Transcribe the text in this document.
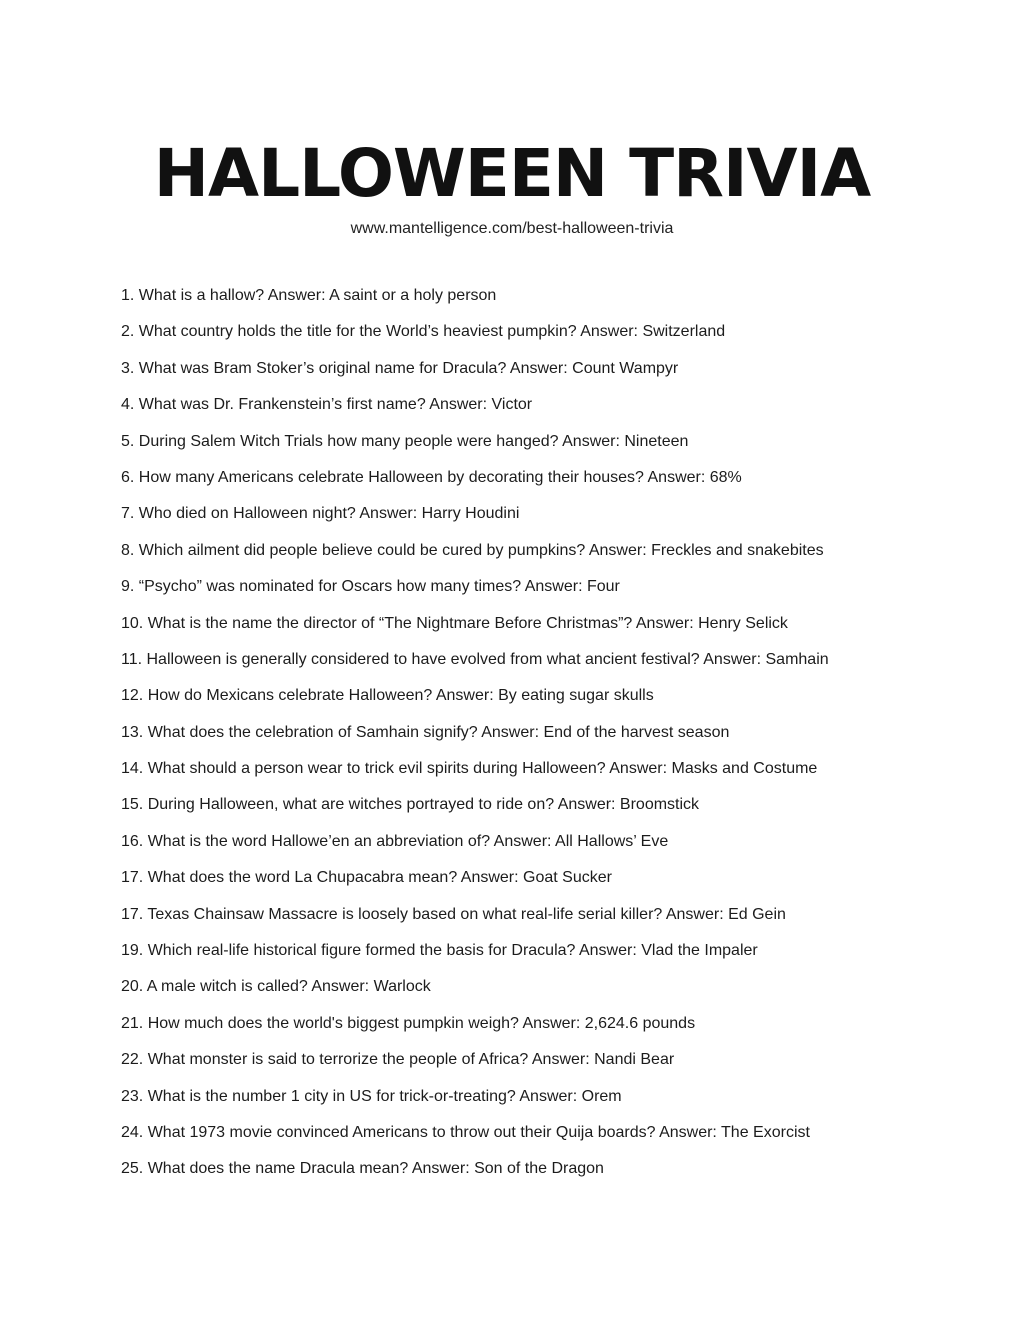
HALLOWEEN TRIVIA
www.mantelligence.com/best-halloween-trivia
1. What is a hallow? Answer: A saint or a holy person
2. What country holds the title for the World’s heaviest pumpkin? Answer: Switzerland
3. What was Bram Stoker’s original name for Dracula? Answer: Count Wampyr
4. What was Dr. Frankenstein’s first name? Answer: Victor
5. During Salem Witch Trials how many people were hanged? Answer: Nineteen
6. How many Americans celebrate Halloween by decorating their houses? Answer: 68%
7. Who died on Halloween night? Answer: Harry Houdini
8. Which ailment did people believe could be cured by pumpkins? Answer: Freckles and snakebites
9. “Psycho” was nominated for Oscars how many times? Answer: Four
10. What is the name the director of “The Nightmare Before Christmas”? Answer: Henry Selick
11. Halloween is generally considered to have evolved from what ancient festival? Answer: Samhain
12. How do Mexicans celebrate Halloween? Answer: By eating sugar skulls
13. What does the celebration of Samhain signify? Answer: End of the harvest season
14. What should a person wear to trick evil spirits during Halloween? Answer: Masks and Costume
15. During Halloween, what are witches portrayed to ride on? Answer: Broomstick
16. What is the word Hallowe’en an abbreviation of? Answer: All Hallows’ Eve
17. What does the word La Chupacabra mean? Answer: Goat Sucker
17. Texas Chainsaw Massacre is loosely based on what real-life serial killer? Answer: Ed Gein
19. Which real-life historical figure formed the basis for Dracula? Answer: Vlad the Impaler
20. A male witch is called? Answer: Warlock
21. How much does the world's biggest pumpkin weigh? Answer: 2,624.6 pounds
22. What monster is said to terrorize the people of Africa? Answer: Nandi Bear
23. What is the number 1 city in US for trick-or-treating? Answer: Orem
24. What 1973 movie convinced Americans to throw out their Quija boards? Answer: The Exorcist
25. What does the name Dracula mean? Answer: Son of the Dragon
